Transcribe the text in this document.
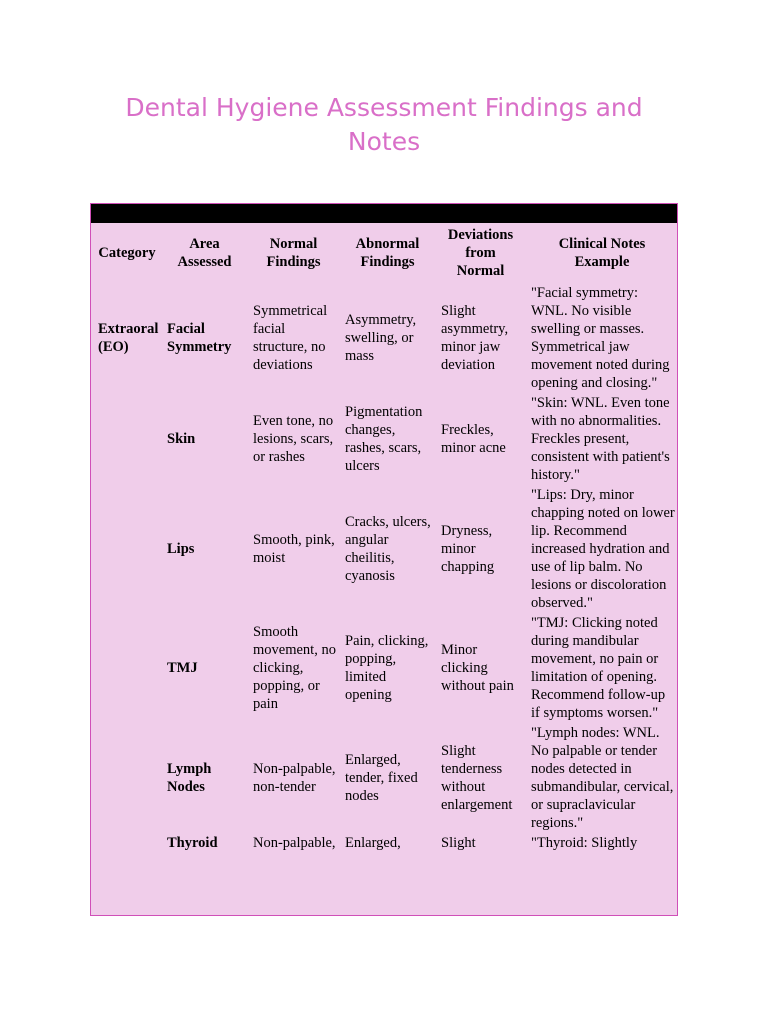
Dental Hygiene Assessment Findings and Notes
Category	Area Assessed	Normal Findings	Abnormal Findings	Deviations from Normal	Clinical Notes Example
Extraoral (EO)	Facial Symmetry	Symmetrical facial structure, no deviations	Asymmetry, swelling, or mass	Slight asymmetry, minor jaw deviation	"Facial symmetry: WNL. No visible swelling or masses. Symmetrical jaw movement noted during opening and closing."
	Skin	Even tone, no lesions, scars, or rashes	Pigmentation changes, rashes, scars, ulcers	Freckles, minor acne	"Skin: WNL. Even tone with no abnormalities. Freckles present, consistent with patient's history."
	Lips	Smooth, pink, moist	Cracks, ulcers, angular cheilitis, cyanosis	Dryness, minor chapping	"Lips: Dry, minor chapping noted on lower lip. Recommend increased hydration and use of lip balm. No lesions or discoloration observed."
	TMJ	Smooth movement, no clicking, popping, or pain	Pain, clicking, popping, limited opening	Minor clicking without pain	"TMJ: Clicking noted during mandibular movement, no pain or limitation of opening. Recommend follow-up if symptoms worsen."
	Lymph Nodes	Non-palpable, non-tender	Enlarged, tender, fixed nodes	Slight tenderness without enlargement	"Lymph nodes: WNL. No palpable or tender nodes detected in submandibular, cervical, or supraclavicular regions."
	Thyroid	Non-palpable,	Enlarged,	Slight	"Thyroid: Slightly
